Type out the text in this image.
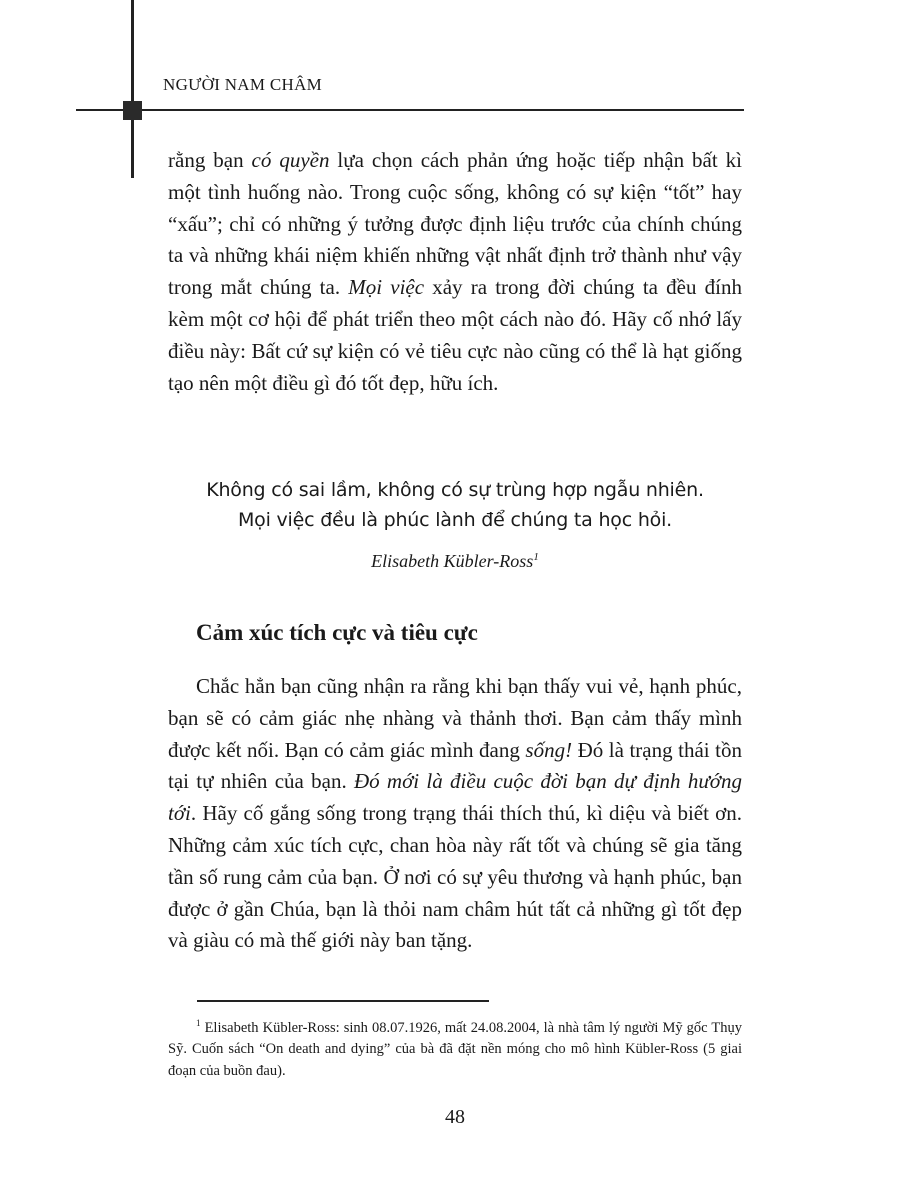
NGƯỜI NAM CHÂM

rằng bạn có quyền lựa chọn cách phản ứng hoặc tiếp nhận bất kì một tình huống nào. Trong cuộc sống, không có sự kiện “tốt” hay “xấu”; chỉ có những ý tưởng được định liệu trước của chính chúng ta và những khái niệm khiến những vật nhất định trở thành như vậy trong mắt chúng ta. Mọi việc xảy ra trong đời chúng ta đều đính kèm một cơ hội để phát triển theo một cách nào đó. Hãy cố nhớ lấy điều này: Bất cứ sự kiện có vẻ tiêu cực nào cũng có thể là hạt giống tạo nên một điều gì đó tốt đẹp, hữu ích.

Không có sai lầm, không có sự trùng hợp ngẫu nhiên.
Mọi việc đều là phúc lành để chúng ta học hỏi.
Elisabeth Kübler-Ross$^1$
Cảm xúc tích cực và tiêu cực

Chắc hẳn bạn cũng nhận ra rằng khi bạn thấy vui vẻ, hạnh phúc, bạn sẽ có cảm giác nhẹ nhàng và thảnh thơi. Bạn cảm thấy mình được kết nối. Bạn có cảm giác mình đang sống! Đó là trạng thái tồn tại tự nhiên của bạn. Đó mới là điều cuộc đời bạn dự định hướng tới. Hãy cố gắng sống trong trạng thái thích thú, kì diệu và biết ơn. Những cảm xúc tích cực, chan hòa này rất tốt và chúng sẽ gia tăng tần số rung cảm của bạn. Ở nơi có sự yêu thương và hạnh phúc, bạn được ở gần Chúa, bạn là thỏi nam châm hút tất cả những gì tốt đẹp và giàu có mà thế giới này ban tặng.

$^1$ Elisabeth Kübler-Ross: sinh 08.07.1926, mất 24.08.2004, là nhà tâm lý người Mỹ gốc Thụy Sỹ. Cuốn sách “On death and dying” của bà đã đặt nền móng cho mô hình Kübler-Ross (5 giai đoạn của buồn đau).

48
